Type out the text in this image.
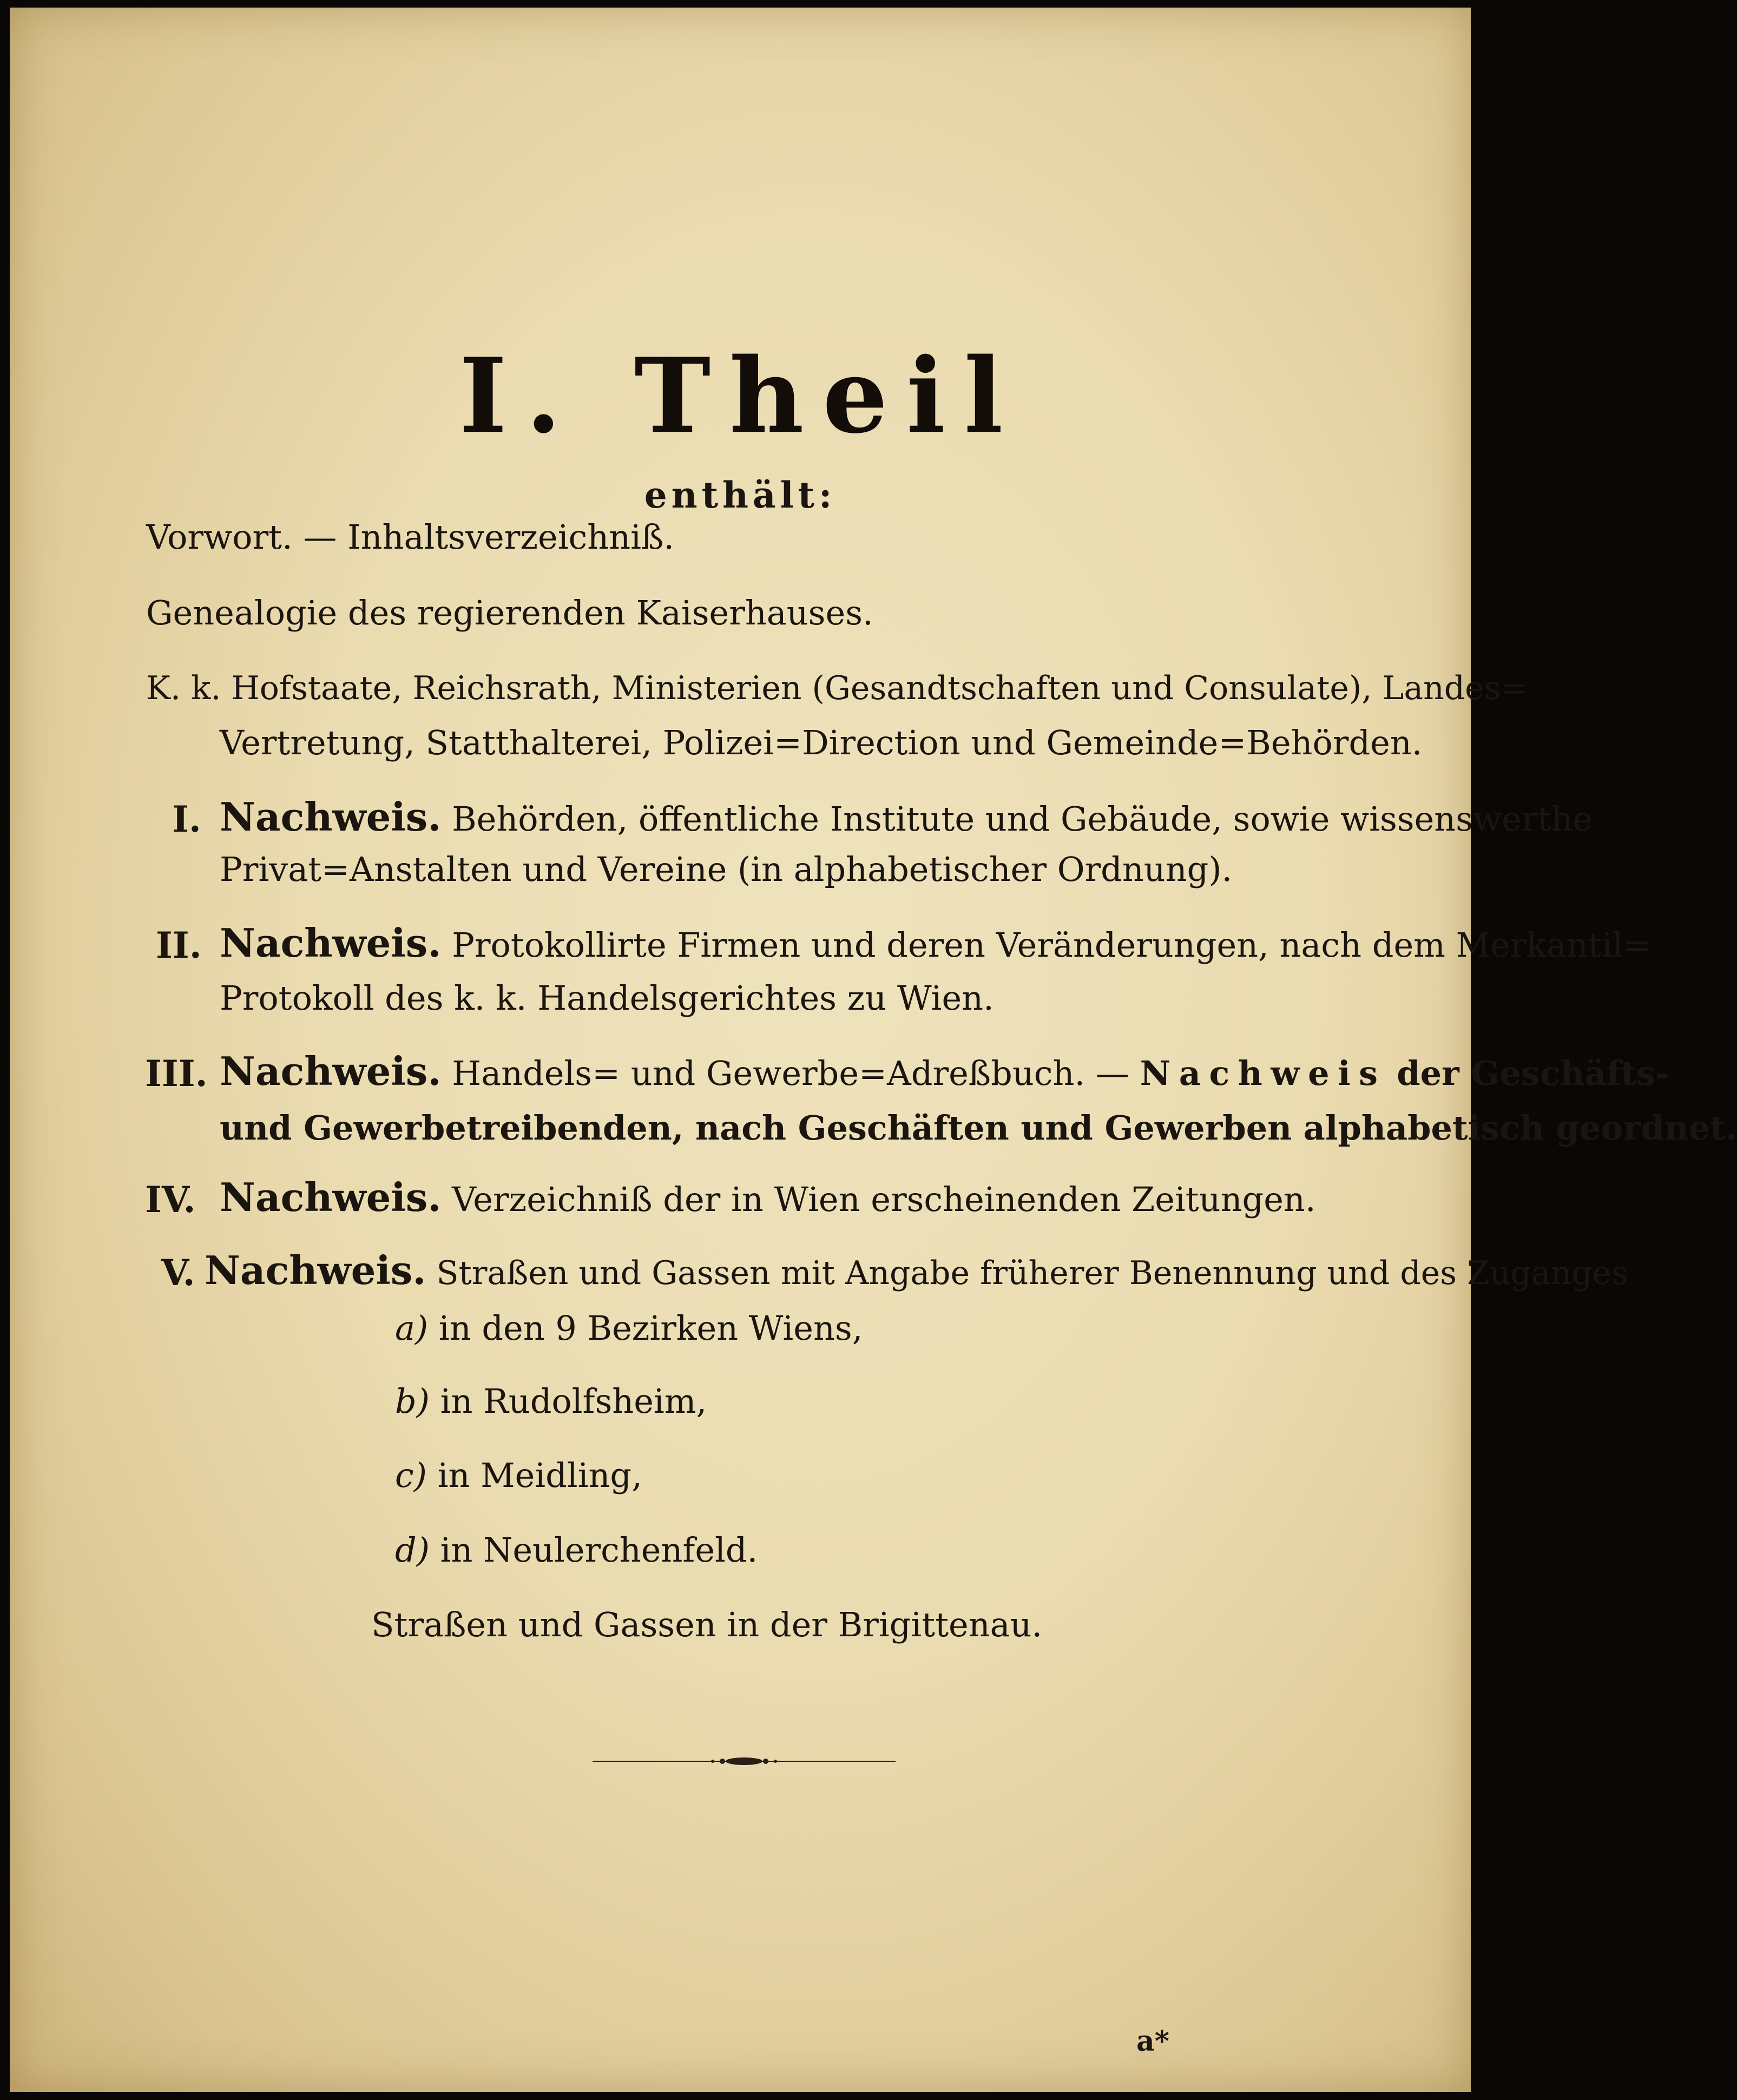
I. Theil
enthält:
Vorwort. — Inhaltsverzeichniß.
Genealogie des regierenden Kaiserhauses.
K. k. Hofstaate, Reichsrath, Ministerien (Gesandtschaften und Consulate), Landes=
Vertretung, Statthalterei, Polizei=Direction und Gemeinde=Behörden.
I. Nachweis. Behörden, öffentliche Institute und Gebäude, sowie wissenswerthe
Privat=Anstalten und Vereine (in alphabetischer Ordnung).
II. Nachweis. Protokollirte Firmen und deren Veränderungen, nach dem Merkantil=
Protokoll des k. k. Handelsgerichtes zu Wien.
III. Nachweis. Handels= und Gewerbe=Adreßbuch. — Nachweis der Geschäfts-
und Gewerbetreibenden, nach Geschäften und Gewerben alphabetisch geordnet.
IV. Nachweis. Verzeichniß der in Wien erscheinenden Zeitungen.
V. Nachweis. Straßen und Gassen mit Angabe früherer Benennung und des Zuganges
a) in den 9 Bezirken Wiens,
b) in Rudolfsheim,
c) in Meidling,
d) in Neulerchenfeld.
Straßen und Gassen in der Brigittenau.
a*
